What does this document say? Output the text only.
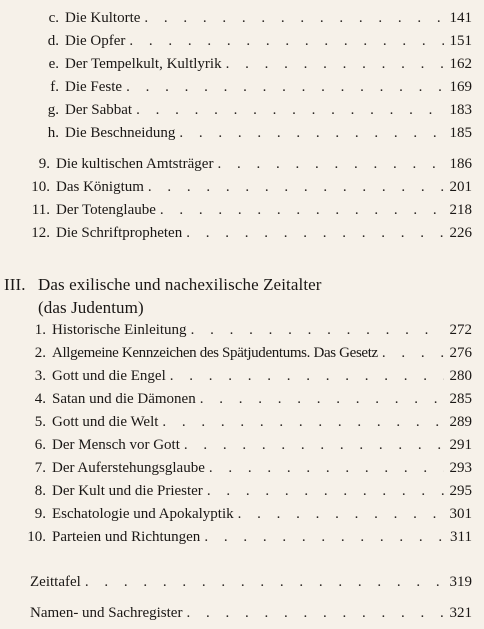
c. Die Kultorte . . .	141
d. Die Opfer . . .	151
e. Der Tempelkult, Kultlyrik . . .	162
f. Die Feste . . .	169
g. Der Sabbat . . .	183
h. Die Beschneidung . . .	185
9. Die kultischen Amtsträger . . .	186
10. Das Königtum . . .	201
11. Der Totenglaube . . .	218
12. Die Schriftpropheten . . .	226
III. Das exilische und nachexilische Zeitalter
(das Judentum)
1. Historische Einleitung . . .	272
2. Allgemeine Kennzeichen des Spätjudentums. Das Gesetz . . .	276
3. Gott und die Engel . . .	280
4. Satan und die Dämonen . . .	285
5. Gott und die Welt . . .	289
6. Der Mensch vor Gott . . .	291
7. Der Auferstehungsglaube . . .	293
8. Der Kult und die Priester . . .	295
9. Eschatologie und Apokalyptik . . .	301
10. Parteien und Richtungen . . .	311
Zeittafel . . .	319
Namen- und Sachregister . . .	321
